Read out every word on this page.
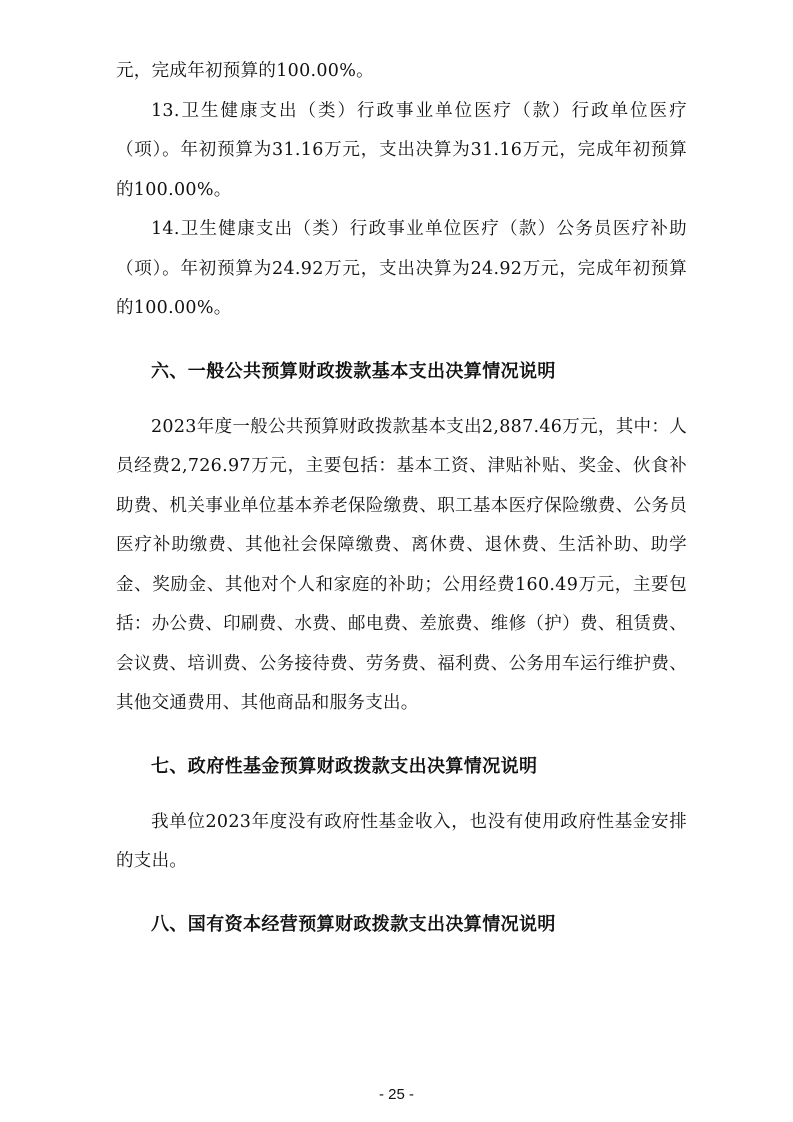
元，完成年初预算的100.00%。

13.卫生健康支出（类）行政事业单位医疗（款）行政单位医疗（项）。年初预算为31.16万元，支出决算为31.16万元，完成年初预算的100.00%。

14.卫生健康支出（类）行政事业单位医疗（款）公务员医疗补助（项）。年初预算为24.92万元，支出决算为24.92万元，完成年初预算的100.00%。

六、一般公共预算财政拨款基本支出决算情况说明

2023年度一般公共预算财政拨款基本支出2,887.46万元，其中：人员经费2,726.97万元，主要包括：基本工资、津贴补贴、奖金、伙食补助费、机关事业单位基本养老保险缴费、职工基本医疗保险缴费、公务员医疗补助缴费、其他社会保障缴费、离休费、退休费、生活补助、助学金、奖励金、其他对个人和家庭的补助；公用经费160.49万元，主要包括：办公费、印刷费、水费、邮电费、差旅费、维修（护）费、租赁费、会议费、培训费、公务接待费、劳务费、福利费、公务用车运行维护费、其他交通费用、其他商品和服务支出。

七、政府性基金预算财政拨款支出决算情况说明

我单位2023年度没有政府性基金收入，也没有使用政府性基金安排的支出。

八、国有资本经营预算财政拨款支出决算情况说明
- 25 -
